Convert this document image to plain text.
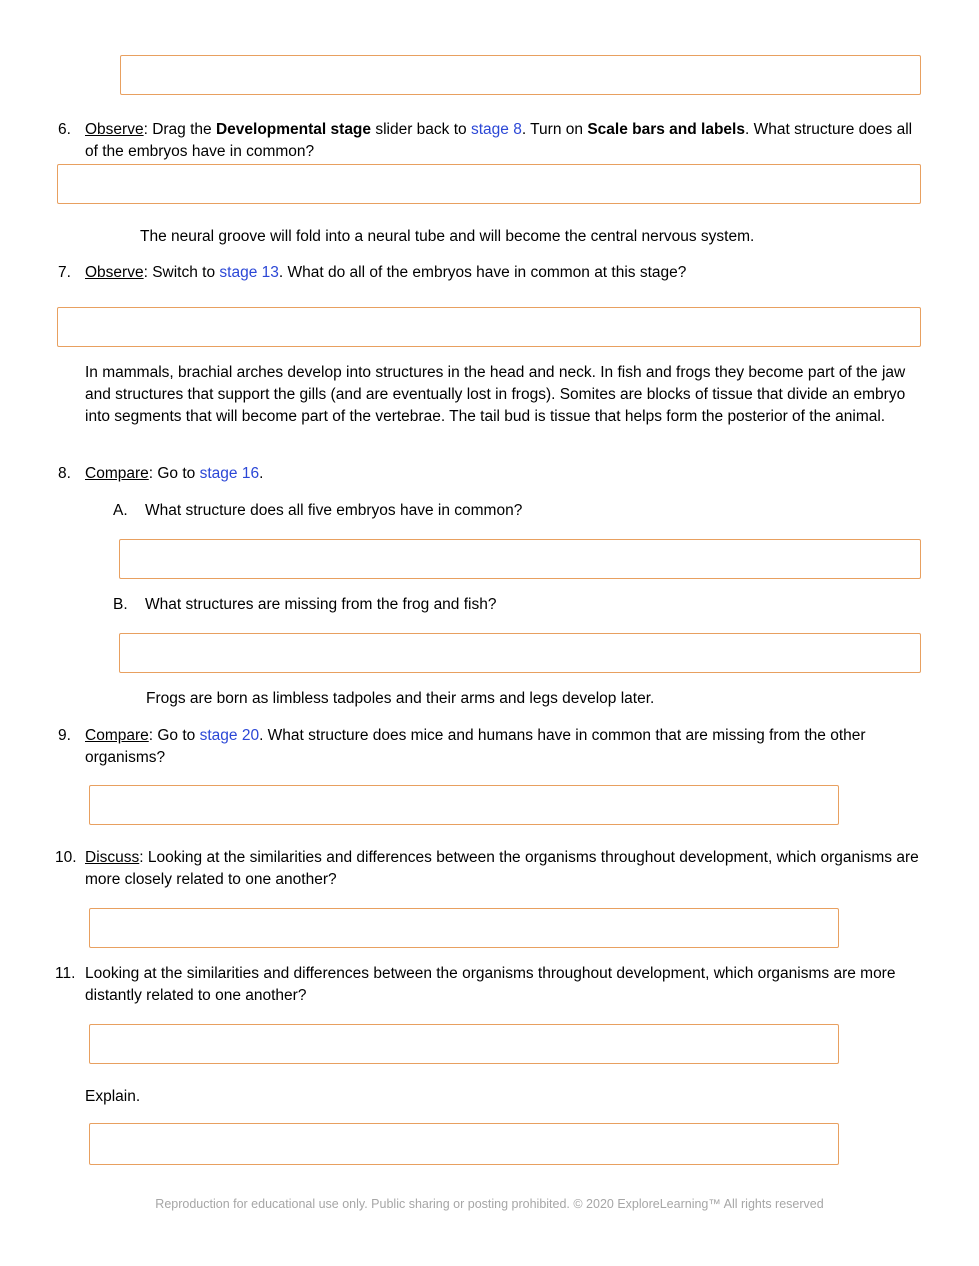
6. Observe: Drag the Developmental stage slider back to stage 8. Turn on Scale bars and labels. What structure does all of the embryos have in common?
The neural groove will fold into a neural tube and will become the central nervous system.
7. Observe: Switch to stage 13. What do all of the embryos have in common at this stage?
In mammals, brachial arches develop into structures in the head and neck. In fish and frogs they become part of the jaw and structures that support the gills (and are eventually lost in frogs). Somites are blocks of tissue that divide an embryo into segments that will become part of the vertebrae. The tail bud is tissue that helps form the posterior of the animal.
8. Compare: Go to stage 16.
A.	What structure does all five embryos have in common?
B.	What structures are missing from the frog and fish?
Frogs are born as limbless tadpoles and their arms and legs develop later.
9. Compare: Go to stage 20. What structure does mice and humans have in common that are missing from the other organisms?
10. Discuss: Looking at the similarities and differences between the organisms throughout development, which organisms are more closely related to one another?
11. Looking at the similarities and differences between the organisms throughout development, which organisms are more distantly related to one another?
Explain.
Reproduction for educational use only. Public sharing or posting prohibited. © 2020 ExploreLearning™ All rights reserved
